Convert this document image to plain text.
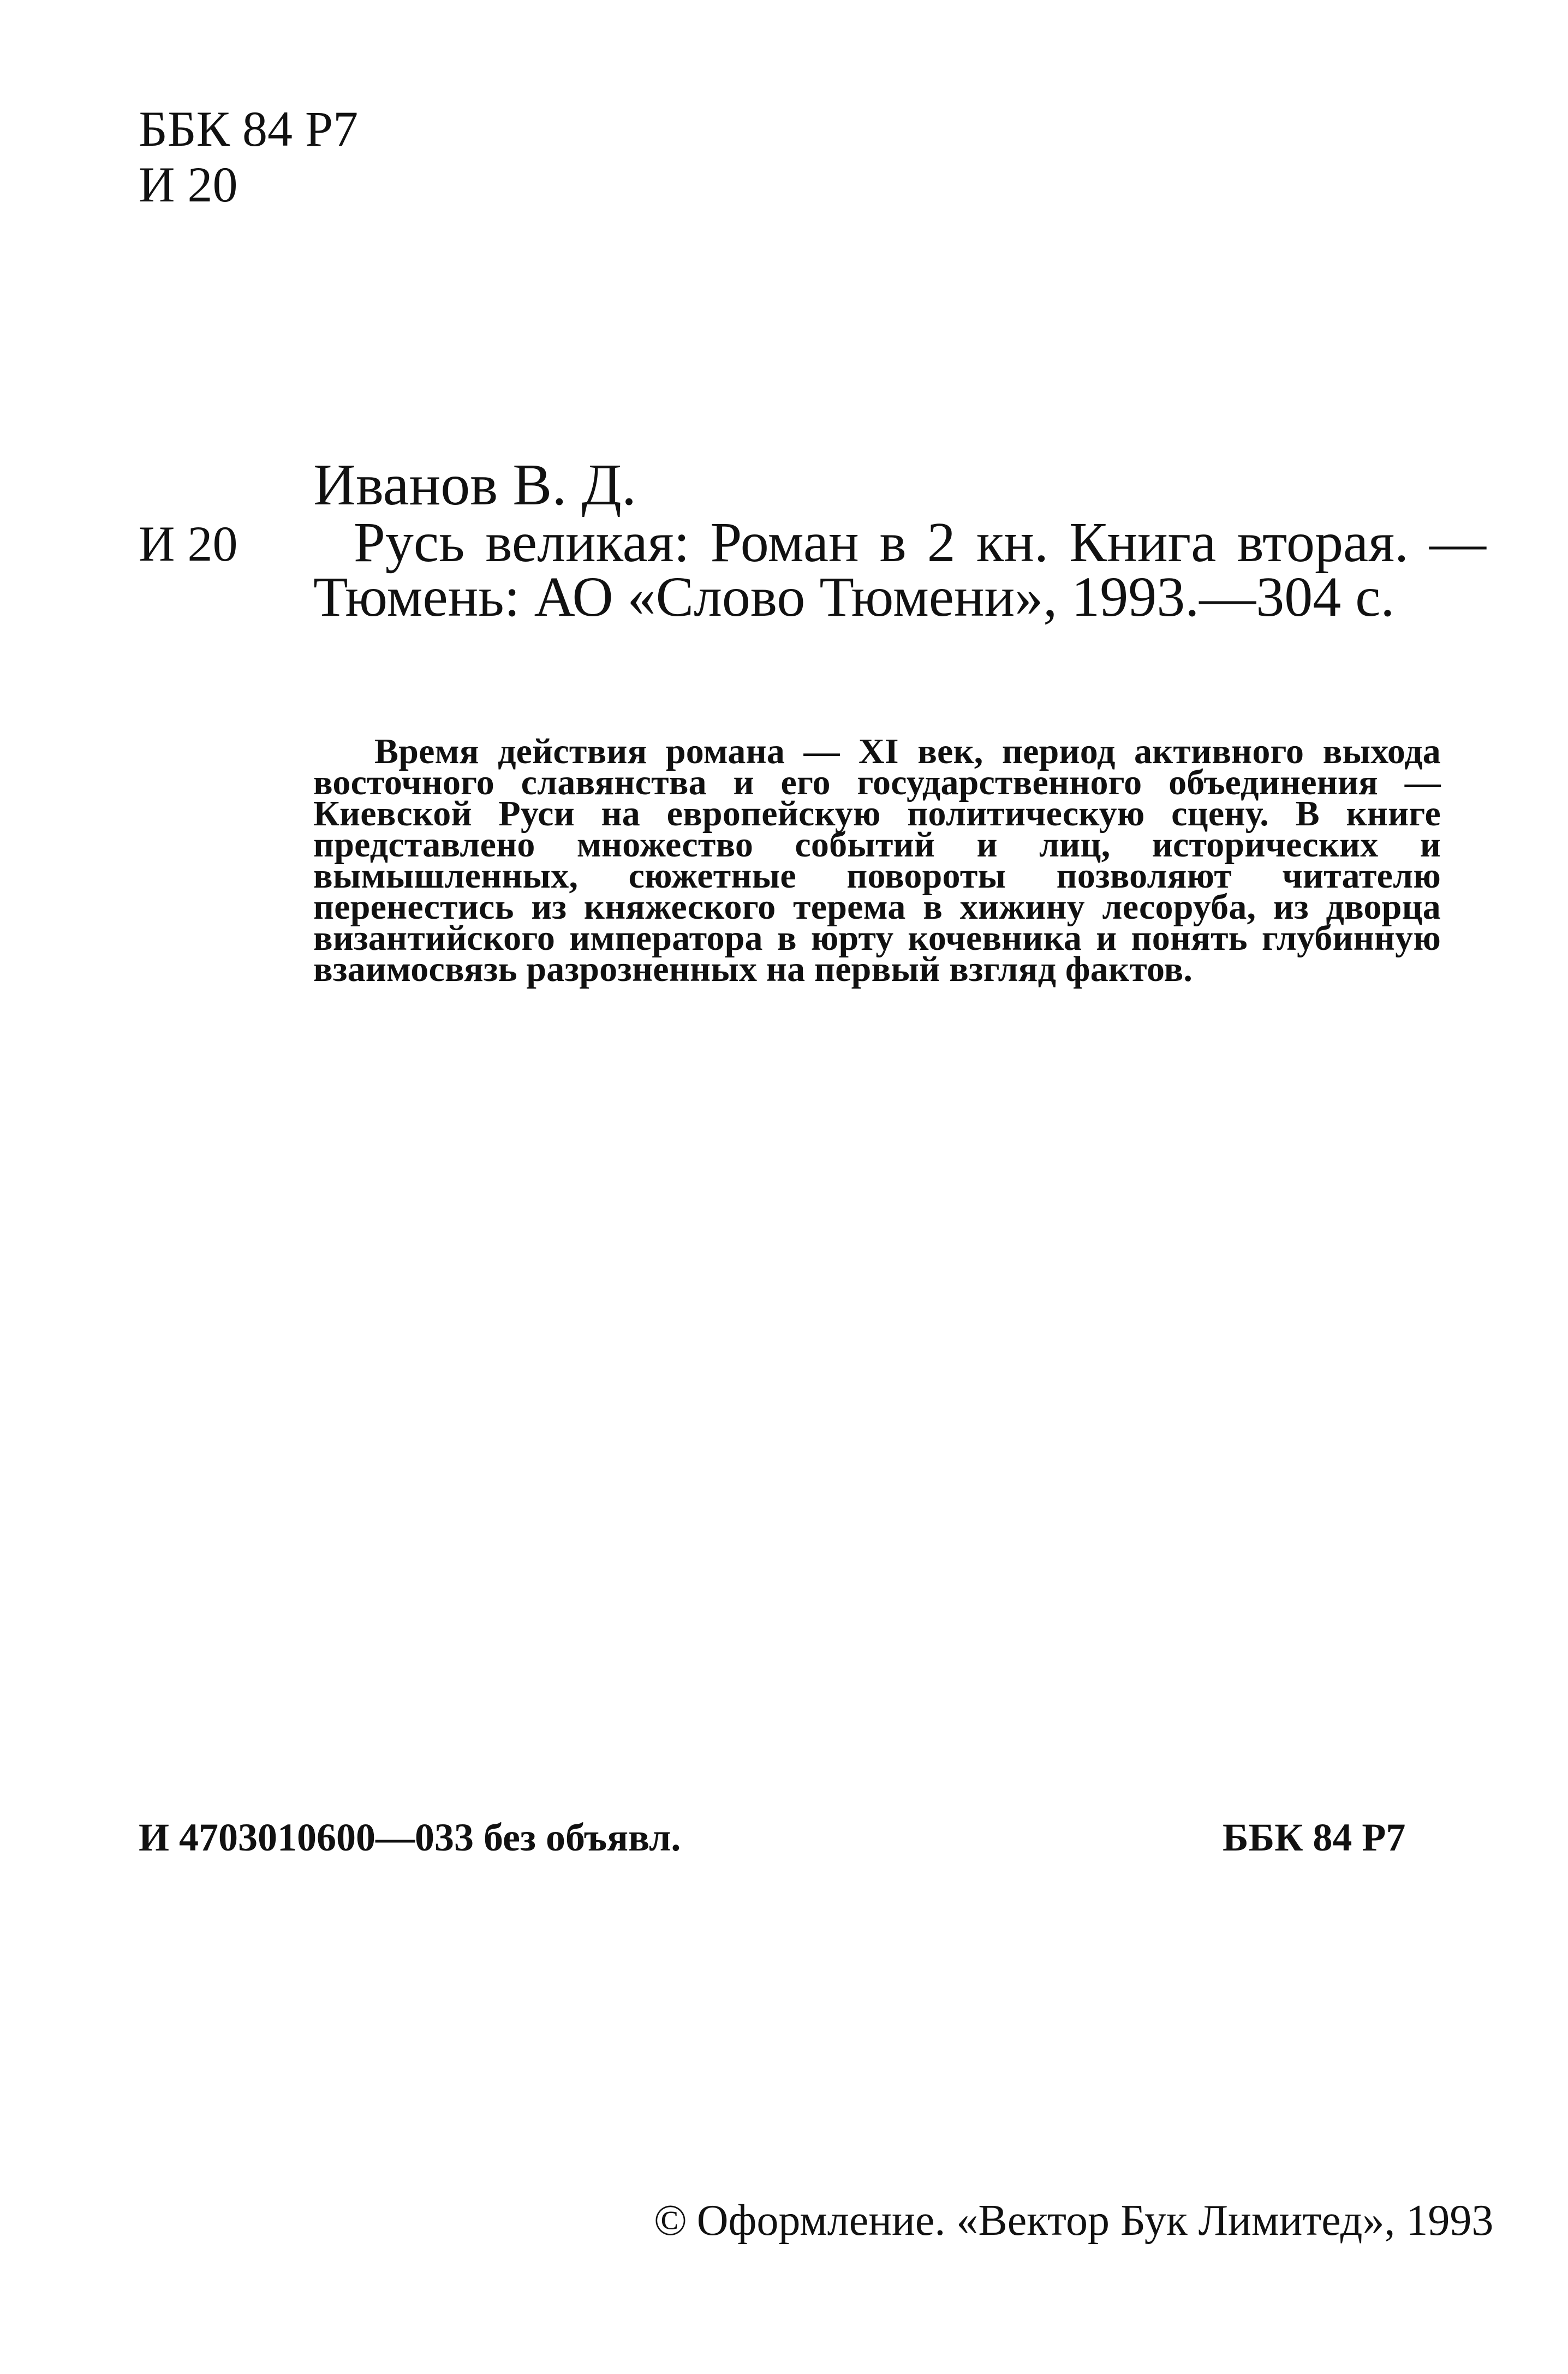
ББК 84 Р7
И 20
Иванов В. Д.
И 20 Русь великая: Роман в 2 кн. Книга вторая. —
Тюмень: АО «Слово Тюмени», 1993.—304 с.

Время действия романа — XI век, период активного выхода восточного славянства и его государственного объединения — Киевской Руси на европейскую политическую сцену. В книге представлено множество событий и лиц, исторических и вымышленных, сюжетные повороты позволяют читателю перенестись из княжеского терема в хижину лесоруба, из дворца византийского императора в юрту кочевника и понять глубинную взаимосвязь разрозненных на первый взгляд фактов.

И 4703010600—033 без объявл.	ББК 84 Р7
© Оформление. «Вектор Бук Лимитед», 1993
